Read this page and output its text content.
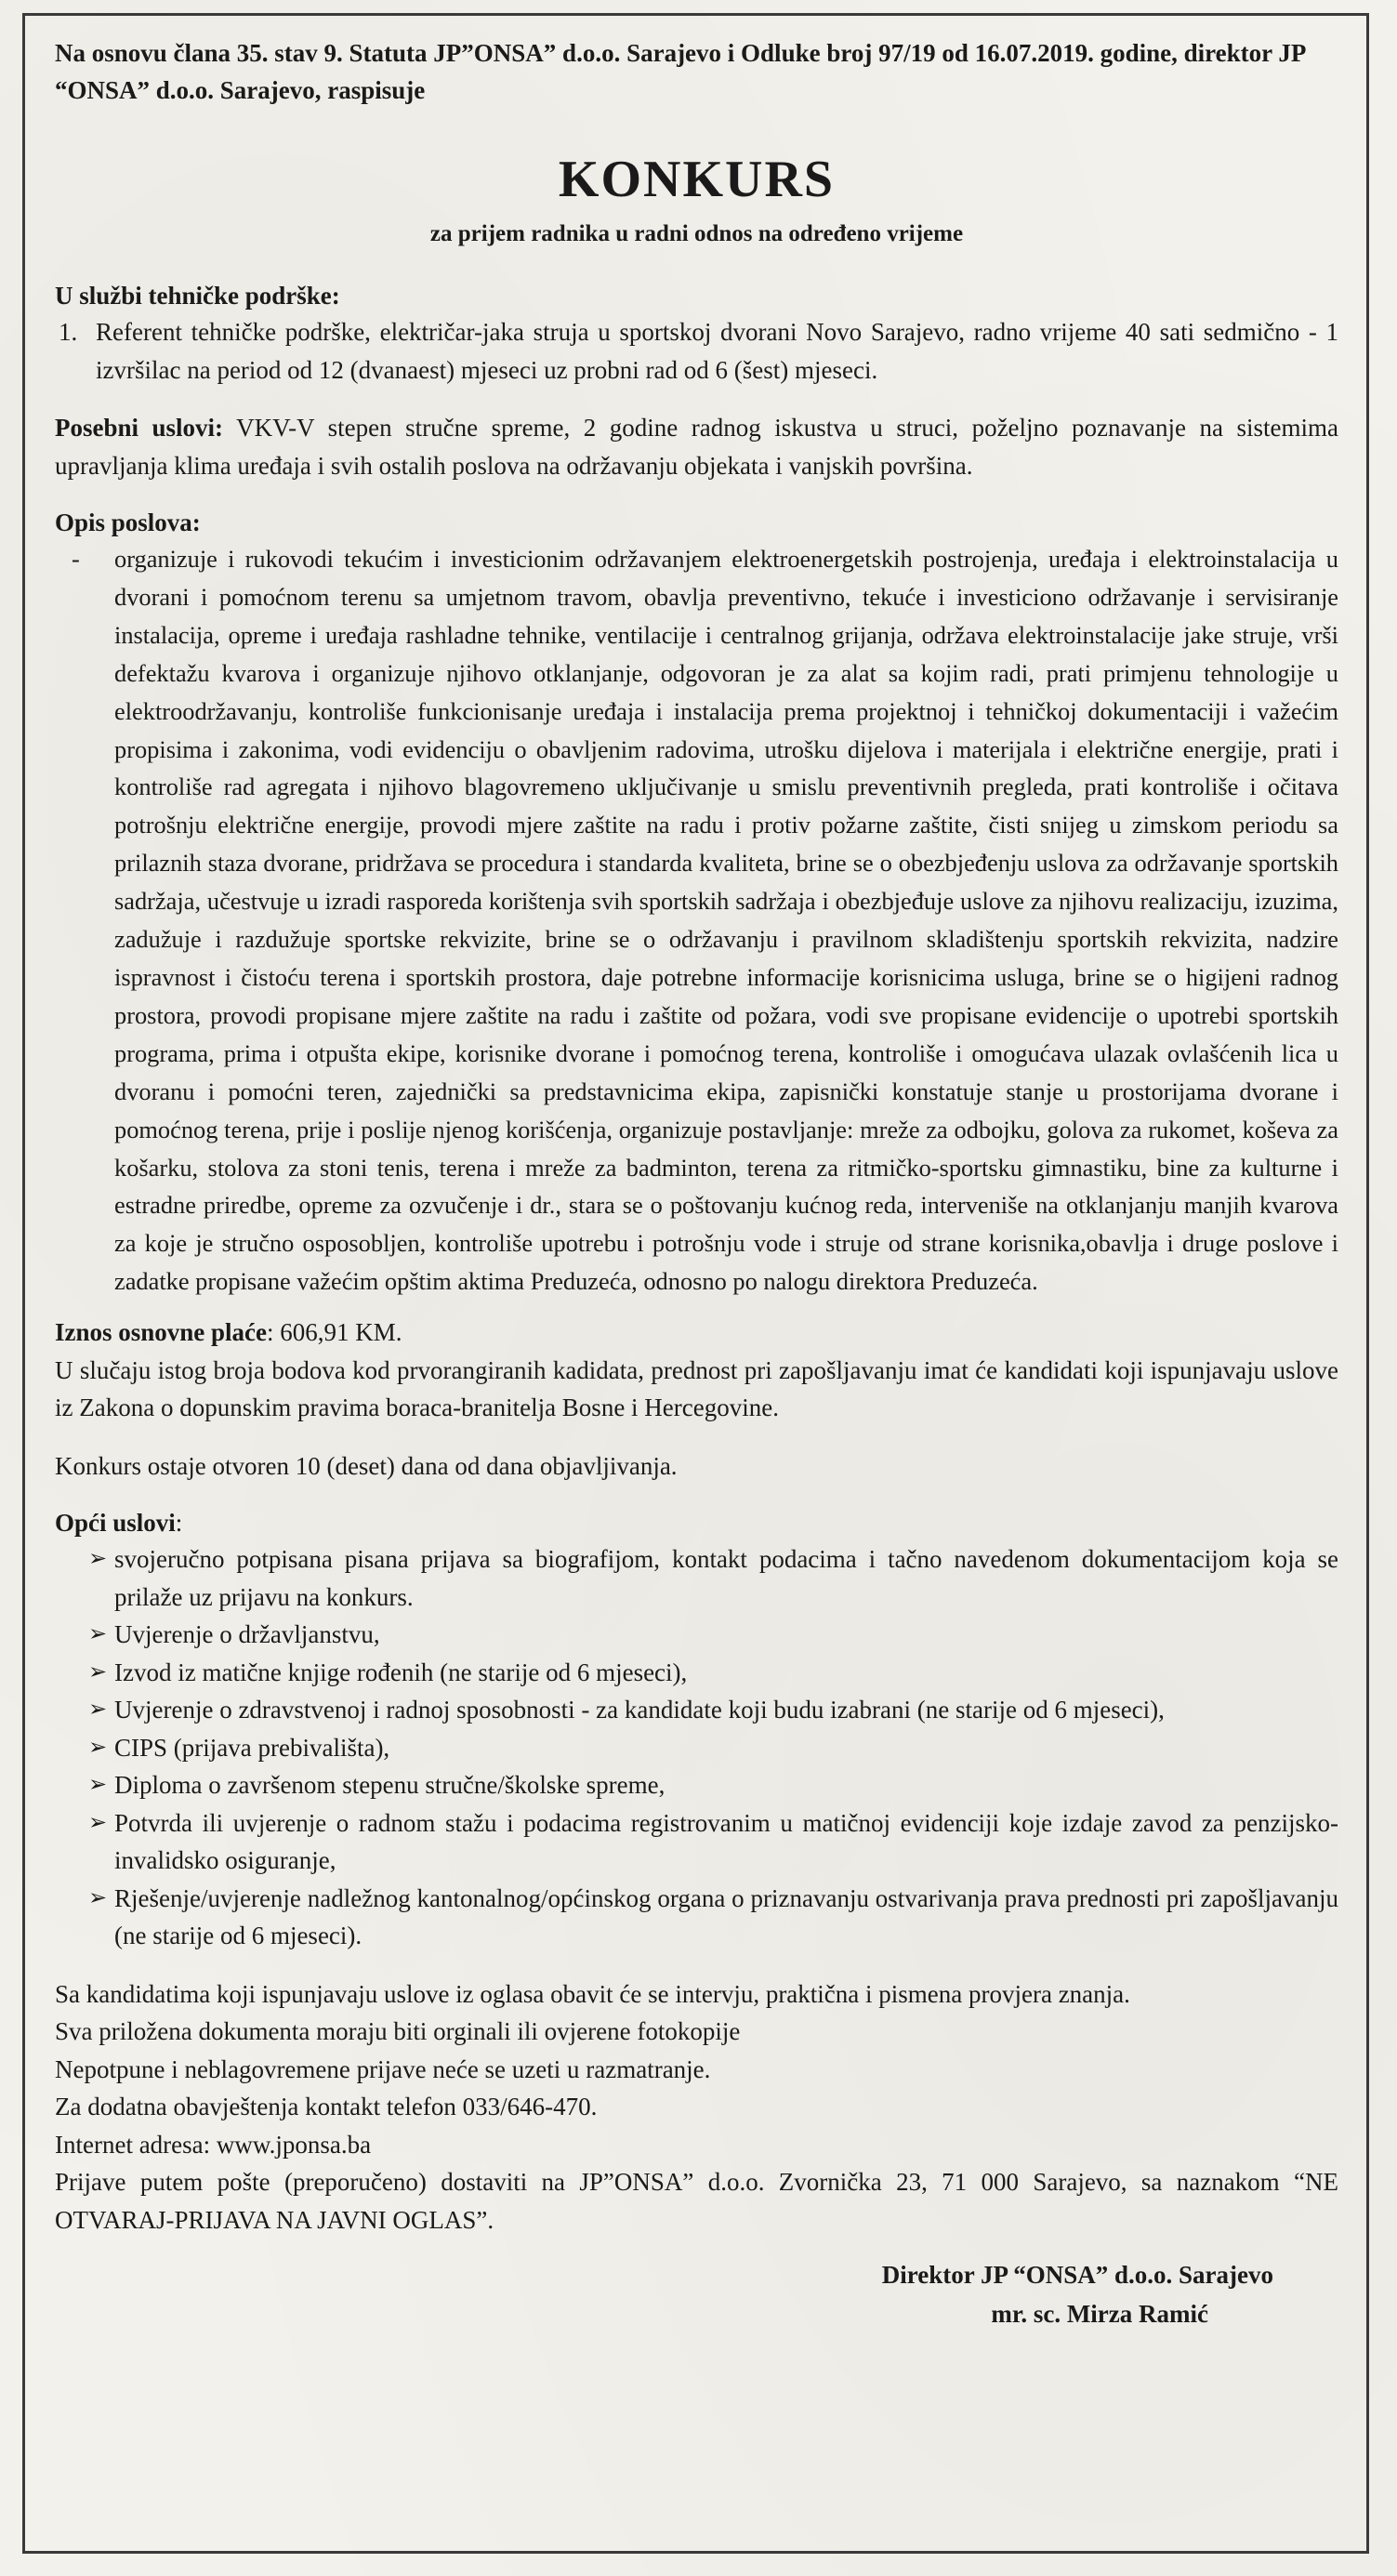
Na osnovu člana 35. stav 9. Statuta JP”ONSA” d.o.o. Sarajevo i Odluke broj 97/19 od 16.07.2019. godine, direktor JP “ONSA” d.o.o. Sarajevo, raspisuje

KONKURS
za prijem radnika u radni odnos na određeno vrijeme
U službi tehničke podrške:
1. Referent tehničke podrške, električar-jaka struja u sportskoj dvorani Novo Sarajevo, radno vrijeme 40 sati sedmično - 1 izvršilac na period od 12 (dvanaest) mjeseci uz probni rad od 6 (šest) mjeseci.

Posebni uslovi: VKV-V stepen stručne spreme, 2 godine radnog iskustva u struci, poželjno poznavanje na sistemima upravljanja klima uređaja i svih ostalih poslova na održavanju objekata i vanjskih površina.

Opis poslova:
-	organizuje i rukovodi tekućim i investicionim održavanjem elektroenergetskih postrojenja, uređaja i elektroinstalacija u dvorani i pomoćnom terenu sa umjetnom travom, obavlja preventivno, tekuće i investiciono održavanje i servisiranje instalacija, opreme i uređaja rashladne tehnike, ventilacije i centralnog grijanja, održava elektroinstalacije jake struje, vrši defektažu kvarova i organizuje njihovo otklanjanje, odgovoran je za alat sa kojim radi, prati primjenu tehnologije u elektroodržavanju, kontroliše funkcionisanje uređaja i instalacija prema projektnoj i tehničkoj dokumentaciji i važećim propisima i zakonima, vodi evidenciju o obavljenim radovima, utrošku dijelova i materijala i električne energije, prati i kontroliše rad agregata i njihovo blagovremeno uključivanje u smislu preventivnih pregleda, prati kontroliše i očitava potrošnju električne energije, provodi mjere zaštite na radu i protiv požarne zaštite, čisti snijeg u zimskom periodu sa prilaznih staza dvorane, pridržava se procedura i standarda kvaliteta, brine se o obezbjeđenju uslova za održavanje sportskih sadržaja, učestvuje u izradi rasporeda korištenja svih sportskih sadržaja i obezbjeđuje uslove za njihovu realizaciju, izuzima, zadužuje i razdužuje sportske rekvizite, brine se o održavanju i pravilnom skladištenju sportskih rekvizita, nadzire ispravnost i čistoću terena i sportskih prostora, daje potrebne informacije korisnicima usluga, brine se o higijeni radnog prostora, provodi propisane mjere zaštite na radu i zaštite od požara, vodi sve propisane evidencije o upotrebi sportskih programa, prima i otpušta ekipe, korisnike dvorane i pomoćnog terena, kontroliše i omogućava ulazak ovlašćenih lica u dvoranu i pomoćni teren, zajednički sa predstavnicima ekipa, zapisnički konstatuje stanje u prostorijama dvorane i pomoćnog terena, prije i poslije njenog korišćenja, organizuje postavljanje: mreže za odbojku, golova za rukomet, koševa za košarku, stolova za stoni tenis, terena i mreže za badminton, terena za ritmičko-sportsku gimnastiku, bine za kulturne i estradne priredbe, opreme za ozvučenje i dr., stara se o poštovanju kućnog reda, interveniše na otklanjanju manjih kvarova za koje je stručno osposobljen, kontroliše upotrebu i potrošnju vode i struje od strane korisnika,obavlja i druge poslove i zadatke propisane važećim opštim aktima Preduzeća, odnosno po nalogu direktora Preduzeća.

Iznos osnovne plaće: 606,91 KM.

U slučaju istog broja bodova kod prvorangiranih kadidata, prednost pri zapošljavanju imat će kandidati koji ispunjavaju uslove iz Zakona o dopunskim pravima boraca-branitelja Bosne i Hercegovine.

Konkurs ostaje otvoren 10 (deset) dana od dana objavljivanja.

Opći uslovi:
➢ svojeručno potpisana pisana prijava sa biografijom, kontakt podacima i tačno navedenom dokumentacijom koja se prilaže uz prijavu na konkurs.
➢ Uvjerenje o državljanstvu,
➢ Izvod iz matične knjige rođenih (ne starije od 6 mjeseci),
➢ Uvjerenje o zdravstvenoj i radnoj sposobnosti - za kandidate koji budu izabrani (ne starije od 6 mjeseci),
➢ CIPS (prijava prebivališta),
➢ Diploma o završenom stepenu stručne/školske spreme,
➢ Potvrda ili uvjerenje o radnom stažu i podacima registrovanim u matičnoj evidenciji koje izdaje zavod za penzijsko-invalidsko osiguranje,
➢ Rješenje/uvjerenje nadležnog kantonalnog/općinskog organa o priznavanju ostvarivanja prava prednosti pri zapošljavanju (ne starije od 6 mjeseci).

Sa kandidatima koji ispunjavaju uslove iz oglasa obavit će se intervju, praktična i pismena provjera znanja.

Sva priložena dokumenta moraju biti orginali ili ovjerene fotokopije

Nepotpune i neblagovremene prijave neće se uzeti u razmatranje.

Za dodatna obavještenja kontakt telefon 033/646-470.

Internet adresa: www.jponsa.ba

Prijave putem pošte (preporučeno) dostaviti na JP”ONSA” d.o.o. Zvornička 23, 71 000 Sarajevo, sa naznakom “NE OTVARAJ-PRIJAVA NA JAVNI OGLAS”.

Direktor JP “ONSA” d.o.o. Sarajevo
mr. sc. Mirza Ramić
